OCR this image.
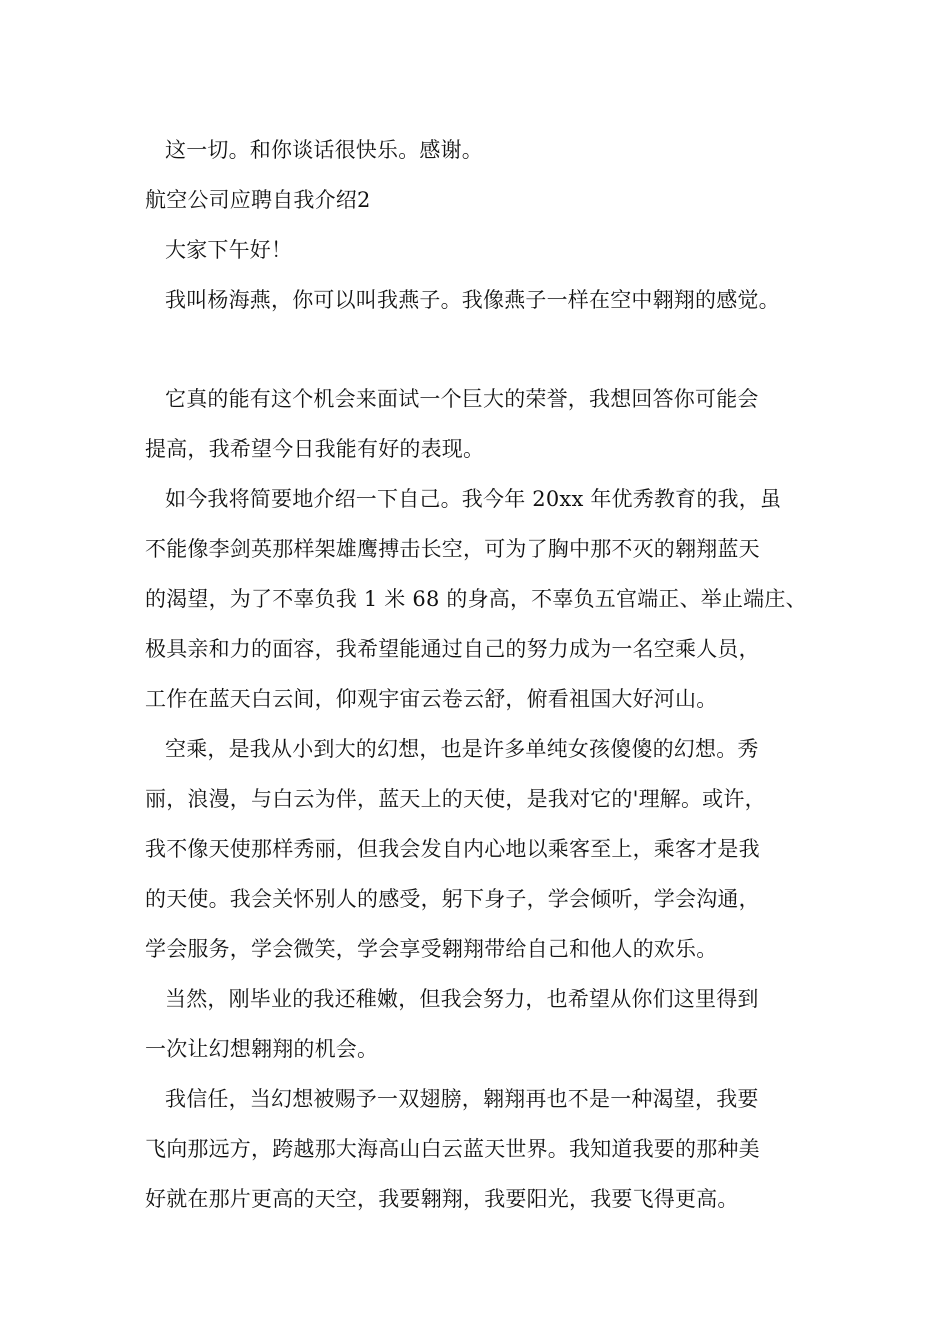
这一切。和你谈话很快乐。感谢。
航空公司应聘自我介绍2
大家下午好！
我叫杨海燕，你可以叫我燕子。我像燕子一样在空中翱翔的感觉。
它真的能有这个机会来面试一个巨大的荣誉，我想回答你可能会
提高，我希望今日我能有好的表现。
如今我将简要地介绍一下自己。我今年 20xx 年优秀教育的我，虽
不能像李剑英那样架雄鹰搏击长空，可为了胸中那不灭的翱翔蓝天
的渴望，为了不辜负我 1 米 68 的身高，不辜负五官端正、举止端庄、
极具亲和力的面容，我希望能通过自己的努力成为一名空乘人员，
工作在蓝天白云间，仰观宇宙云卷云舒，俯看祖国大好河山。
空乘，是我从小到大的幻想，也是许多单纯女孩傻傻的幻想。秀
丽，浪漫，与白云为伴，蓝天上的天使，是我对它的'理解。或许，
我不像天使那样秀丽，但我会发自内心地以乘客至上，乘客才是我
的天使。我会关怀别人的感受，躬下身子，学会倾听，学会沟通，
学会服务，学会微笑，学会享受翱翔带给自己和他人的欢乐。
当然，刚毕业的我还稚嫩，但我会努力，也希望从你们这里得到
一次让幻想翱翔的机会。
我信任，当幻想被赐予一双翅膀，翱翔再也不是一种渴望，我要
飞向那远方，跨越那大海高山白云蓝天世界。我知道我要的那种美
好就在那片更高的天空，我要翱翔，我要阳光，我要飞得更高。
